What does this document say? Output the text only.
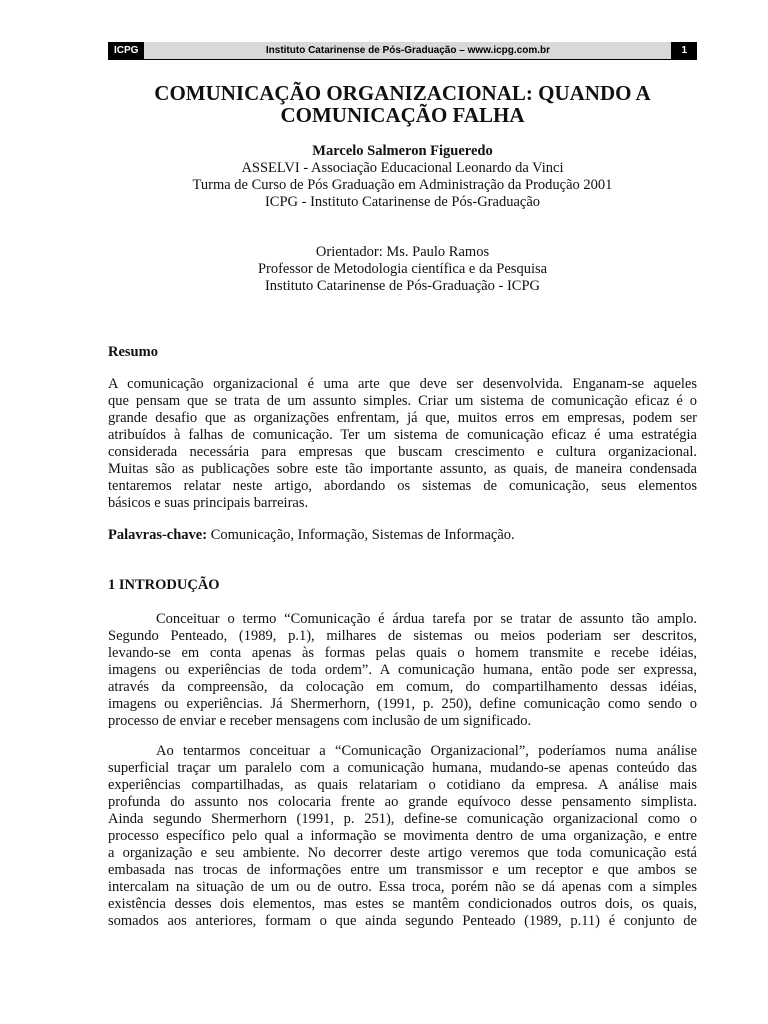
ICPG	Instituto Catarinense de Pós-Graduação – www.icpg.com.br	1
COMUNICAÇÃO ORGANIZACIONAL: QUANDO A
COMUNICAÇÃO FALHA
Marcelo Salmeron Figueredo
ASSELVI - Associação Educacional Leonardo da Vinci
Turma de Curso de Pós Graduação em Administração da Produção 2001
ICPG - Instituto Catarinense de Pós-Graduação
Orientador: Ms. Paulo Ramos
Professor de Metodologia científica e da Pesquisa
Instituto Catarinense de Pós-Graduação - ICPG
Resumo
A comunicação organizacional é uma arte que deve ser desenvolvida. Enganam-se aqueles
que pensam que se trata de um assunto simples. Criar um sistema de comunicação eficaz é o
grande desafio que as organizações enfrentam, já que, muitos erros em empresas, podem ser
atribuídos à falhas de comunicação. Ter um sistema de comunicação eficaz é uma estratégia
considerada necessária para empresas que buscam crescimento e cultura organizacional.
Muitas são as publicações sobre este tão importante assunto, as quais, de maneira condensada
tentaremos relatar neste artigo, abordando os sistemas de comunicação, seus elementos
básicos e suas principais barreiras.
Palavras-chave: Comunicação, Informação, Sistemas de Informação.
1 INTRODUÇÃO
Conceituar o termo “Comunicação é árdua tarefa por se tratar de assunto tão amplo.
Segundo Penteado, (1989, p.1), milhares de sistemas ou meios poderiam ser descritos,
levando-se em conta apenas às formas pelas quais o homem transmite e recebe idéias,
imagens ou experiências de toda ordem”. A comunicação humana, então pode ser expressa,
através da compreensão, da colocação em comum, do compartilhamento dessas idéias,
imagens ou experiências. Já Shermerhorn, (1991, p. 250), define comunicação como sendo o
processo de enviar e receber mensagens com inclusão de um significado.
Ao tentarmos conceituar a “Comunicação Organizacional”, poderíamos numa análise
superficial traçar um paralelo com a comunicação humana, mudando-se apenas conteúdo das
experiências compartilhadas, as quais relatariam o cotidiano da empresa. A análise mais
profunda do assunto nos colocaria frente ao grande equívoco desse pensamento simplista.
Ainda segundo Shermerhorn (1991, p. 251), define-se comunicação organizacional como o
processo específico pelo qual a informação se movimenta dentro de uma organização, e entre
a organização e seu ambiente. No decorrer deste artigo veremos que toda comunicação está
embasada nas trocas de informações entre um transmissor e um receptor e que ambos se
intercalam na situação de um ou de outro. Essa troca, porém não se dá apenas com a simples
existência desses dois elementos, mas estes se mantêm condicionados outros dois, os quais,
somados aos anteriores, formam o que ainda segundo Penteado (1989, p.11) é conjunto de
